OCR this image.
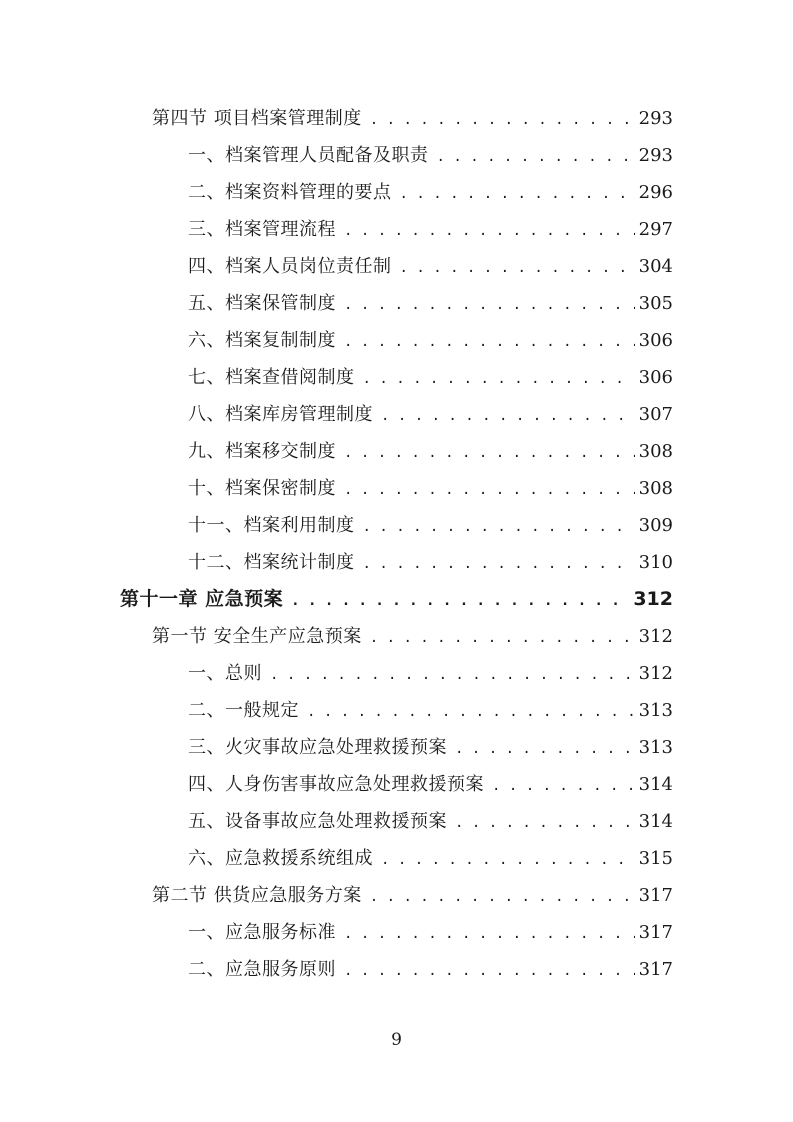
第四节 项目档案管理制度 . . .	293
一、档案管理人员配备及职责 . . .	293
二、档案资料管理的要点 . . .	296
三、档案管理流程 . . .	297
四、档案人员岗位责任制 . . .	304
五、档案保管制度 . . .	305
六、档案复制制度 . . .	306
七、档案查借阅制度 . . .	306
八、档案库房管理制度 . . .	307
九、档案移交制度 . . .	308
十、档案保密制度 . . .	308
十一、档案利用制度 . . .	309
十二、档案统计制度 . . .	310
第十一章 应急预案 . . .	312
第一节 安全生产应急预案 . . .	312
一、总则 . . .	312
二、一般规定 . . .	313
三、火灾事故应急处理救援预案 . . .	313
四、人身伤害事故应急处理救援预案 . . .	314
五、设备事故应急处理救援预案 . . .	314
六、应急救援系统组成 . . .	315
第二节 供货应急服务方案 . . .	317
一、应急服务标准 . . .	317
二、应急服务原则 . . .	317
9
